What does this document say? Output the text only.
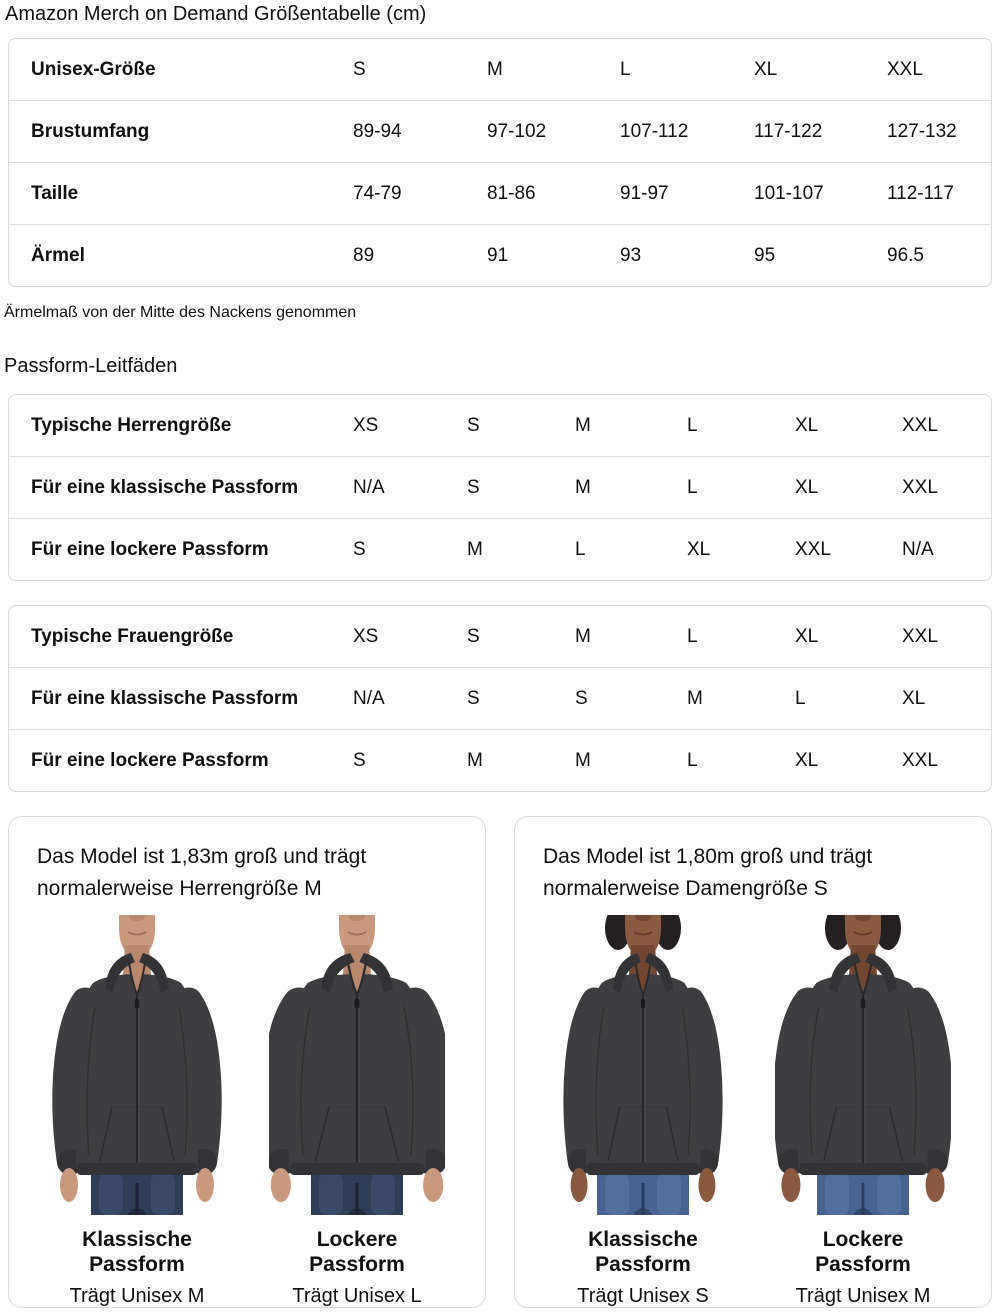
Amazon Merch on Demand Größentabelle (cm)
Unisex-Größe	S	M	L	XL	XXL
Brustumfang	89-94	97-102	107-112	117-122	127-132
Taille	74-79	81-86	91-97	101-107	112-117
Ärmel	89	91	93	95	96.5
Ärmelmaß von der Mitte des Nackens genommen
Passform-Leitfäden
Typische Herrengröße	XS	S	M	L	XL	XXL
Für eine klassische Passform	N/A	S	M	L	XL	XXL
Für eine lockere Passform	S	M	L	XL	XXL	N/A
Typische Frauengröße	XS	S	M	L	XL	XXL
Für eine klassische Passform	N/A	S	S	M	L	XL
Für eine lockere Passform	S	M	M	L	XL	XXL

Das Model ist 1,83m groß und trägt normalerweise Herrengröße M

Klassische Passform
Trägt Unisex M
Lockere Passform
Trägt Unisex L

Das Model ist 1,80m groß und trägt normalerweise Damengröße S

Klassische Passform
Trägt Unisex S
Lockere Passform
Trägt Unisex M
